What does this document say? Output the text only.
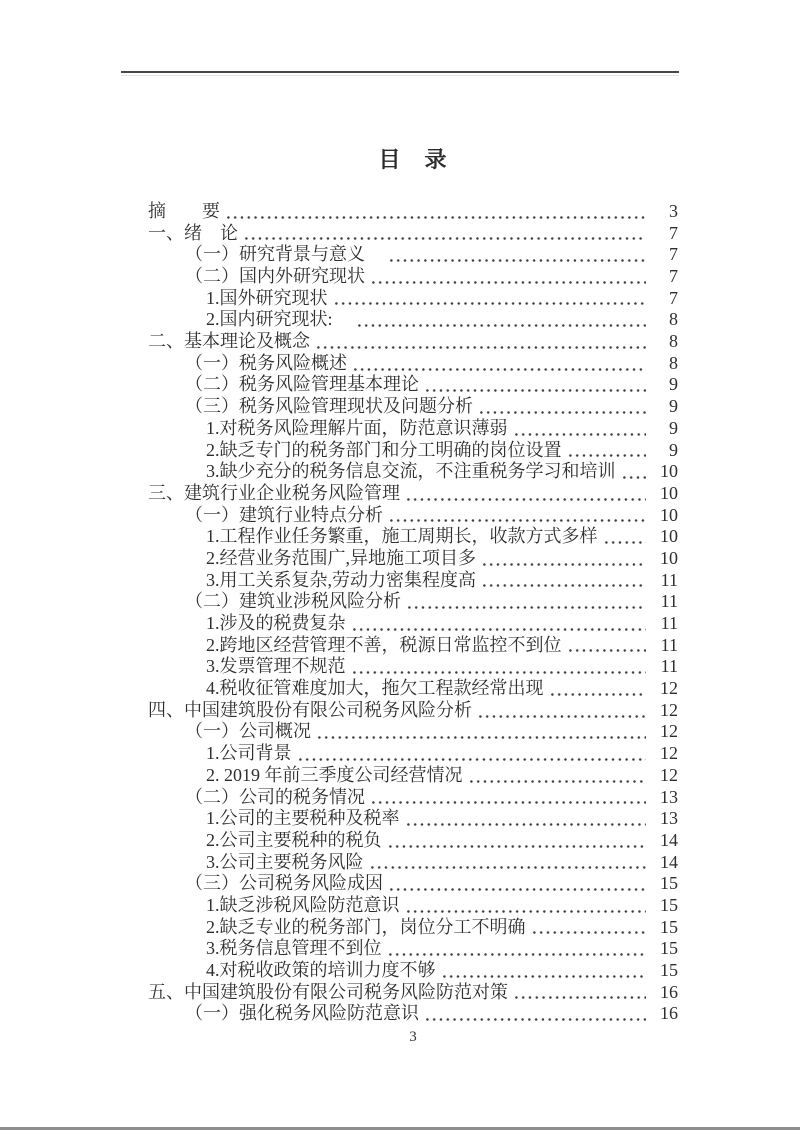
目　录
摘　　要	3
一、绪　论	7
（一）研究背景与意义　	7
（二）国内外研究现状	7
1.国外研究现状	7
2.国内研究现状:　	8
二、基本理论及概念	8
（一）税务风险概述	8
（二）税务风险管理基本理论	9
（三）税务风险管理现状及问题分析	9
1.对税务风险理解片面，防范意识薄弱	9
2.缺乏专门的税务部门和分工明确的岗位设置	9
3.缺少充分的税务信息交流，不注重税务学习和培训	10
三、建筑行业企业税务风险管理	10
（一）建筑行业特点分析	10
1.工程作业任务繁重，施工周期长，收款方式多样	10
2.经营业务范围广,异地施工项目多	10
3.用工关系复杂,劳动力密集程度高	11
（二）建筑业涉税风险分析	11
1.涉及的税费复杂	11
2.跨地区经营管理不善，税源日常监控不到位	11
3.发票管理不规范	11
4.税收征管难度加大，拖欠工程款经常出现	12
四、中国建筑股份有限公司税务风险分析	12
（一）公司概况	12
1.公司背景	12
2. 2019 年前三季度公司经营情况	12
（二）公司的税务情况	13
1.公司的主要税种及税率	13
2.公司主要税种的税负	14
3.公司主要税务风险	14
（三）公司税务风险成因	15
1.缺乏涉税风险防范意识	15
2.缺乏专业的税务部门，岗位分工不明确	15
3.税务信息管理不到位	15
4.对税收政策的培训力度不够	15
五、中国建筑股份有限公司税务风险防范对策	16
（一）强化税务风险防范意识	16
3
